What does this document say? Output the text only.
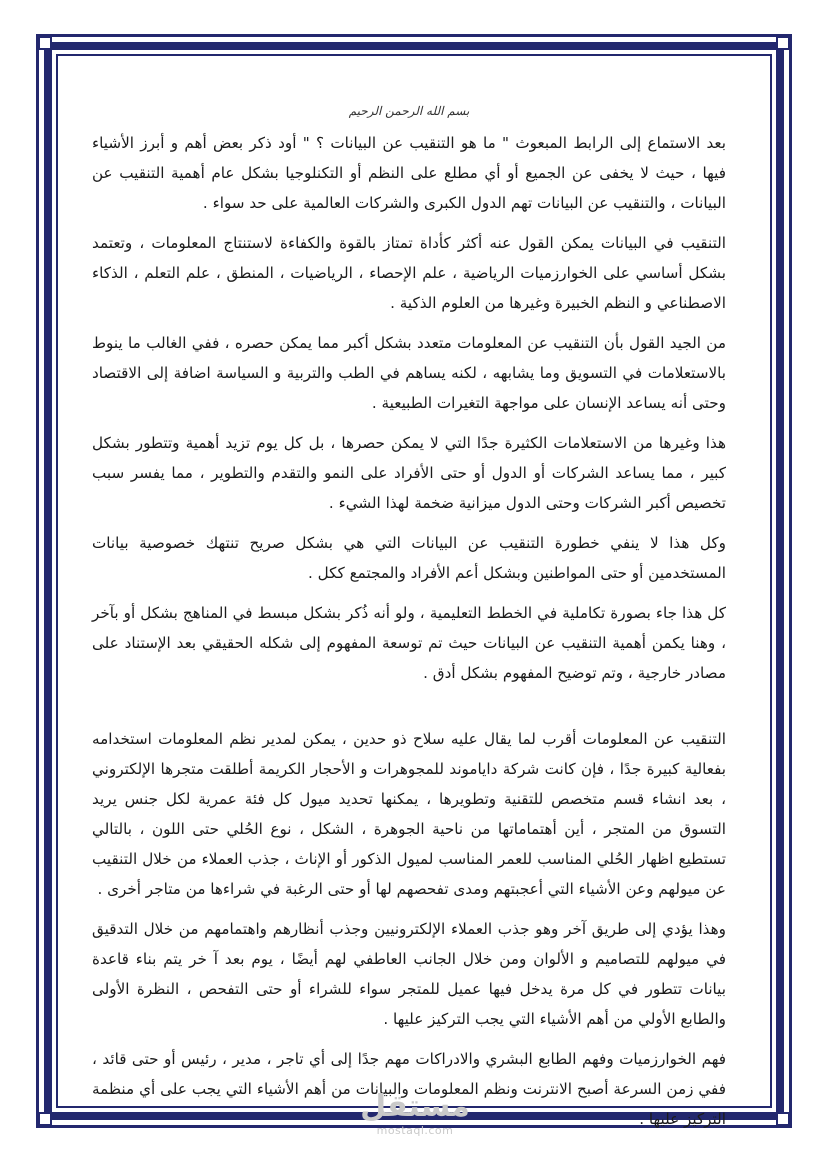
بسم الله الرحمن الرحيم

بعد الاستماع إلى الرابط المبعوث " ما هو التنقيب عن البيانات ؟ " أود ذكر بعض أهم و أبرز الأشياء فيها ، حيث لا يخفى عن الجميع أو أي مطلع على النظم أو التكنلوجيا بشكل عام أهمية التنقيب عن البيانات ، والتنقيب عن البيانات تهم الدول الكبرى والشركات العالمية على حد سواء .

التنقيب في البيانات يمكن القول عنه أكثر كأداة تمتاز بالقوة والكفاءة لاستنتاج المعلومات ، وتعتمد بشكل أساسي على الخوارزميات الرياضية ، علم الإحصاء ، الرياضيات ، المنطق ، علم التعلم ، الذكاء الاصطناعي و النظم الخبيرة وغيرها من العلوم الذكية .

من الجيد القول بأن التنقيب عن المعلومات متعدد بشكل أكبر مما يمكن حصره ، ففي الغالب ما ينوط بالاستعلامات في التسويق وما يشابهه ، لكنه يساهم في الطب والتربية و السياسة اضافة إلى الاقتصاد وحتى أنه يساعد الإنسان على مواجهة التغيرات الطبيعية .

هذا وغيرها من الاستعلامات الكثيرة جدًا التي لا يمكن حصرها ، بل كل يوم تزيد أهمية وتتطور بشكل كبير ، مما يساعد الشركات أو الدول أو حتى الأفراد على النمو والتقدم والتطوير ، مما يفسر سبب تخصيص أكبر الشركات وحتى الدول ميزانية ضخمة لهذا الشيء .

وكل هذا لا ينفي خطورة التنقيب عن البيانات التي هي بشكل صريح تنتهك خصوصية بيانات المستخدمين أو حتى المواطنين وبشكل أعم الأفراد والمجتمع ككل .

كل هذا جاء بصورة تكاملية في الخطط التعليمية ، ولو أنه ذُكر بشكل مبسط في المناهج بشكل أو بآخر ، وهنا يكمن أهمية التنقيب عن البيانات حيث تم توسعة المفهوم إلى شكله الحقيقي بعد الإستناد على مصادر خارجية ، وتم توضيح المفهوم بشكل أدق .

التنقيب عن المعلومات أقرب لما يقال عليه سلاح ذو حدين ، يمكن لمدير نظم المعلومات استخدامه بفعالية كبيرة جدًا ، فإن كانت شركة داياموند للمجوهرات و الأحجار الكريمة أطلقت متجرها الإلكتروني ، بعد انشاء قسم متخصص للتقنية وتطويرها ، يمكنها تحديد ميول كل فئة عمرية لكل جنس يريد التسوق من المتجر ، أين أهتماماتها من ناحية الجوهرة ، الشكل ، نوع الحُلي حتى اللون ، بالتالي تستطيع اظهار الحُلي المناسب للعمر المناسب لميول الذكور أو الإناث ، جذب العملاء من خلال التنقيب عن ميولهم وعن الأشياء التي أعجبتهم ومدى تفحصهم لها أو حتى الرغبة في شراءها من متاجر أخرى .

وهذا يؤدي إلى طريق آخر وهو جذب العملاء الإلكترونيين وجذب أنظارهم واهتمامهم من خلال التدقيق في ميولهم للتصاميم و الألوان ومن خلال الجانب العاطفي لهم أيضًا ، يوم بعد آ خر يتم بناء قاعدة بيانات تتطور في كل مرة يدخل فيها عميل للمتجر سواء للشراء أو حتى التفحص ، النظرة الأولى والطابع الأولي من أهم الأشياء التي يجب التركيز عليها .

فهم الخوارزميات وفهم الطابع البشري والادراكات مهم جدًا إلى أي تاجر ، مدير ، رئيس أو حتى قائد ، ففي زمن السرعة أصبح الانترنت ونظم المعلومات والبيانات من أهم الأشياء التي يجب على أي منظمة التركيز عليها .

مستقل
mostaql.com
